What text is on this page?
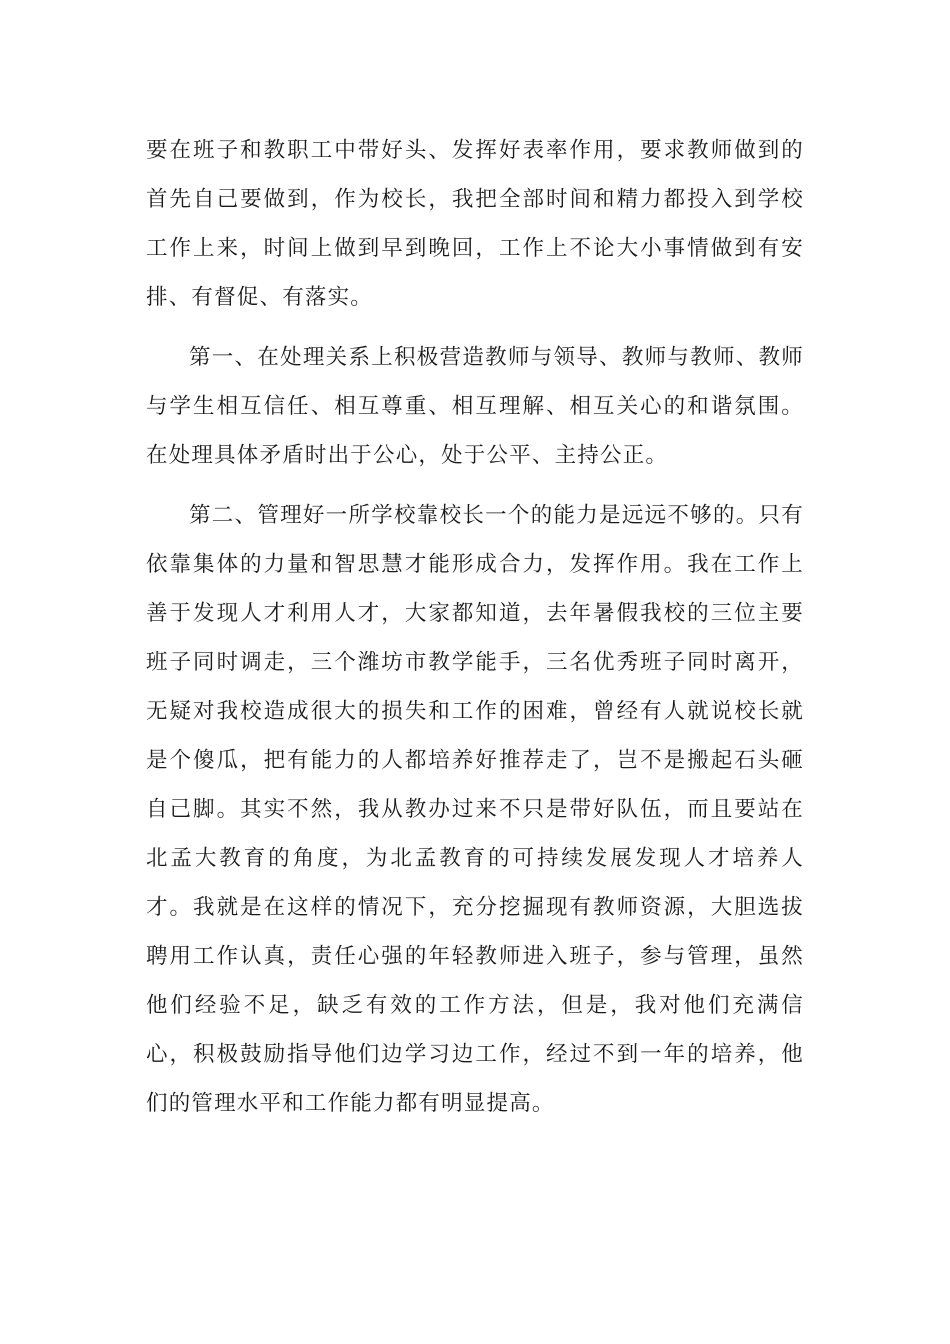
要在班子和教职工中带好头、发挥好表率作用，要求教师做到的首先自己要做到，作为校长，我把全部时间和精力都投入到学校工作上来，时间上做到早到晚回，工作上不论大小事情做到有安排、有督促、有落实。

第一、在处理关系上积极营造教师与领导、教师与教师、教师与学生相互信任、相互尊重、相互理解、相互关心的和谐氛围。在处理具体矛盾时出于公心，处于公平、主持公正。

第二、管理好一所学校靠校长一个的能力是远远不够的。只有依靠集体的力量和智思慧才能形成合力，发挥作用。我在工作上善于发现人才利用人才，大家都知道，去年暑假我校的三位主要班子同时调走，三个潍坊市教学能手，三名优秀班子同时离开，无疑对我校造成很大的损失和工作的困难，曾经有人就说校长就是个傻瓜，把有能力的人都培养好推荐走了，岂不是搬起石头砸自己脚。其实不然，我从教办过来不只是带好队伍，而且要站在北孟大教育的角度，为北孟教育的可持续发展发现人才培养人才。我就是在这样的情况下，充分挖掘现有教师资源，大胆选拔聘用工作认真，责任心强的年轻教师进入班子，参与管理，虽然他们经验不足，缺乏有效的工作方法，但是，我对他们充满信心，积极鼓励指导他们边学习边工作，经过不到一年的培养，他们的管理水平和工作能力都有明显提高。
